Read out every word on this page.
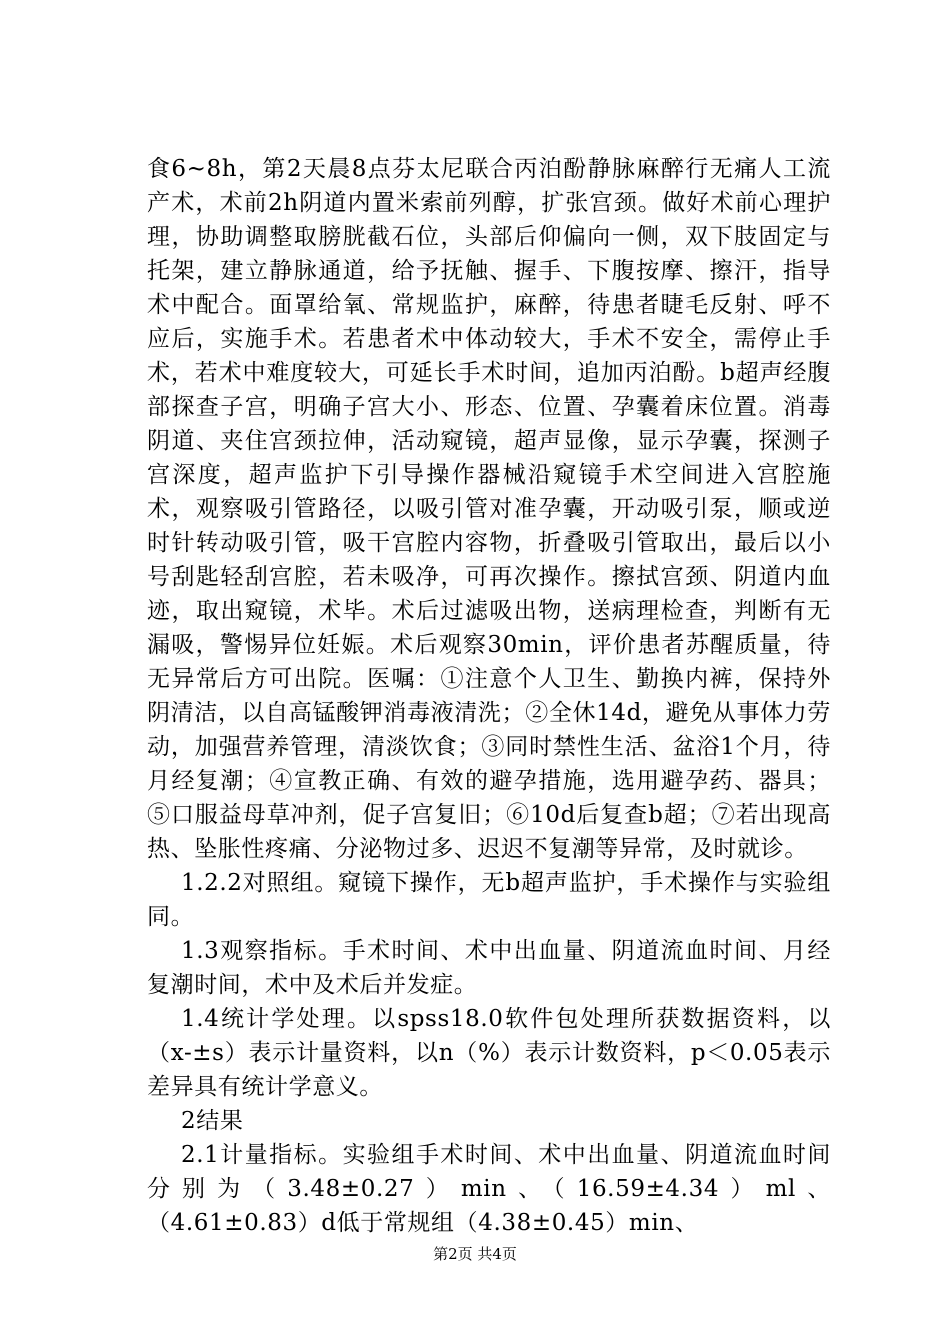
食6~8h，第2天晨8点芬太尼联合丙泊酚静脉麻醉行无痛人工流产术，术前2h阴道内置米索前列醇，扩张宫颈。做好术前心理护理，协助调整取膀胱截石位，头部后仰偏向一侧，双下肢固定与托架，建立静脉通道，给予抚触、握手、下腹按摩、擦汗，指导术中配合。面罩给氧、常规监护，麻醉，待患者睫毛反射、呼不应后，实施手术。若患者术中体动较大，手术不安全，需停止手术，若术中难度较大，可延长手术时间，追加丙泊酚。b超声经腹部探查子宫，明确子宫大小、形态、位置、孕囊着床位置。消毒阴道、夹住宫颈拉伸，活动窥镜，超声显像，显示孕囊，探测子宫深度，超声监护下引导操作器械沿窥镜手术空间进入宫腔施术，观察吸引管路径，以吸引管对准孕囊，开动吸引泵，顺或逆时针转动吸引管，吸干宫腔内容物，折叠吸引管取出，最后以小号刮匙轻刮宫腔，若未吸净，可再次操作。擦拭宫颈、阴道内血迹，取出窥镜，术毕。术后过滤吸出物，送病理检查，判断有无漏吸，警惕异位妊娠。术后观察30min，评价患者苏醒质量，待无异常后方可出院。医嘱：①注意个人卫生、勤换内裤，保持外阴清洁，以自高锰酸钾消毒液清洗；②全休14d，避免从事体力劳动，加强营养管理，清淡饮食；③同时禁性生活、盆浴1个月，待月经复潮；④宣教正确、有效的避孕措施，选用避孕药、器具；⑤口服益母草冲剂，促子宫复旧；⑥10d后复查b超；⑦若出现高热、坠胀性疼痛、分泌物过多、迟迟不复潮等异常，及时就诊。

1.2.2对照组。窥镜下操作，无b超声监护，手术操作与实验组同。

1.3观察指标。手术时间、术中出血量、阴道流血时间、月经复潮时间，术中及术后并发症。

1.4统计学处理。以spss18.0软件包处理所获数据资料，以（x-±s）表示计量资料，以n（%）表示计数资料，p＜0.05表示差异具有统计学意义。

2结果

2.1计量指标。实验组手术时间、术中出血量、阴道流血时间分别为（3.48±0.27）min、（16.59±4.34）ml、（4.61±0.83）d低于常规组（4.38±0.45）min、

第2页 共4页
